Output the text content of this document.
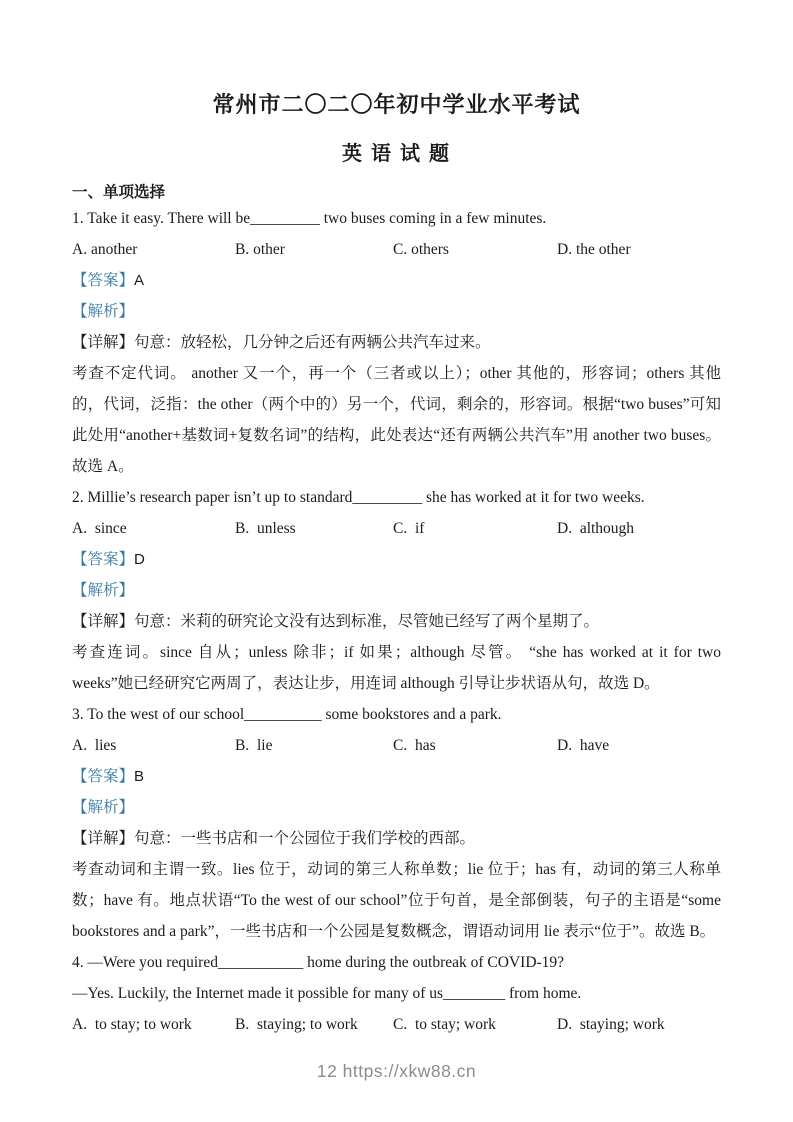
常州市二〇二〇年初中学业水平考试
英 语 试 题
一、单项选择
1. Take it easy. There will be_________ two buses coming in a few minutes.
A. another	B. other	C. others	D. the other
【答案】A
【解析】
【详解】句意：放轻松，几分钟之后还有两辆公共汽车过来。
考查不定代词。 another 又一个，再一个（三者或以上）；other 其他的，形容词；others 其他的，代词，泛指：the other（两个中的）另一个，代词，剩余的，形容词。根据“two buses”可知此处用“another+基数词+复数名词”的结构，此处表达“还有两辆公共汽车”用 another two buses。故选 A。
2. Millie’s research paper isn’t up to standard_________ she has worked at it for two weeks.
A.  since	B.  unless	C.  if	D.  although
【答案】D
【解析】
【详解】句意：米莉的研究论文没有达到标准，尽管她已经写了两个星期了。
考查连词。since 自从；unless 除非；if 如果；although 尽管。 “she has worked at it for two weeks”她已经研究它两周了，表达让步，用连词 although 引导让步状语从句，故选 D。
3. To the west of our school__________ some bookstores and a park.
A.  lies	B.  lie	C.  has	D.  have
【答案】B
【解析】
【详解】句意：一些书店和一个公园位于我们学校的西部。
考查动词和主谓一致。lies 位于，动词的第三人称单数；lie 位于；has 有，动词的第三人称单数；have 有。地点状语“To the west of our school”位于句首，是全部倒装，句子的主语是“some bookstores and a park”，一些书店和一个公园是复数概念，谓语动词用 lie 表示“位于”。故选 B。
4. —Were you required___________ home during the outbreak of COVID-19?
—Yes. Luckily, the Internet made it possible for many of us________ from home.
A.  to stay; to work	B.  staying; to work	C.  to stay; work	D.  staying; work
12 https://xkw88.cn
